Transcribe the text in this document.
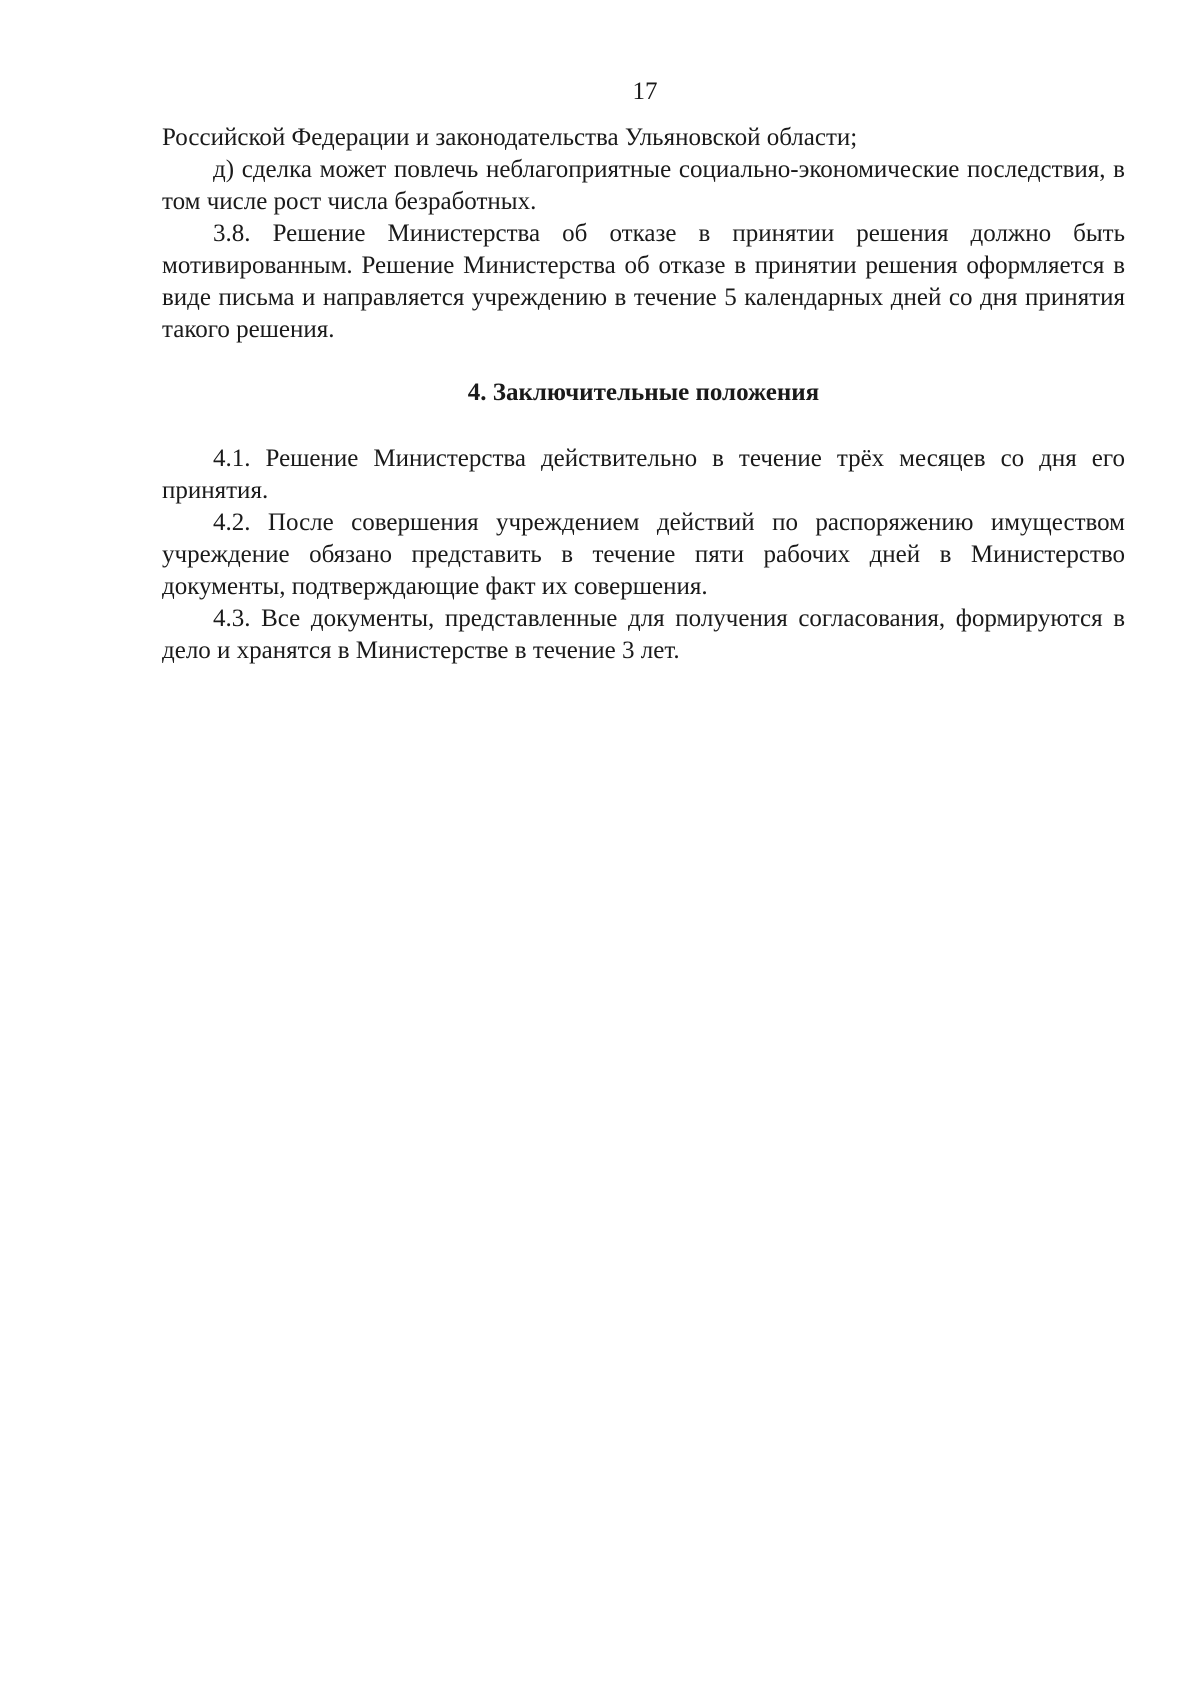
17

Российской Федерации и законодательства Ульяновской области;

д) сделка может повлечь неблагоприятные социально-экономические последствия, в том числе рост числа безработных.

3.8. Решение Министерства об отказе в принятии решения должно быть мотивированным. Решение Министерства об отказе в принятии решения оформляется в виде письма и направляется учреждению в течение 5 календарных дней со дня принятия такого решения.

4. Заключительные положения

4.1. Решение Министерства действительно в течение трёх месяцев со дня его принятия.

4.2. После совершения учреждением действий по распоряжению имуществом учреждение обязано представить в течение пяти рабочих дней в Министерство документы, подтверждающие факт их совершения.

4.3. Все документы, представленные для получения согласования, формируются в дело и хранятся в Министерстве в течение 3 лет.
